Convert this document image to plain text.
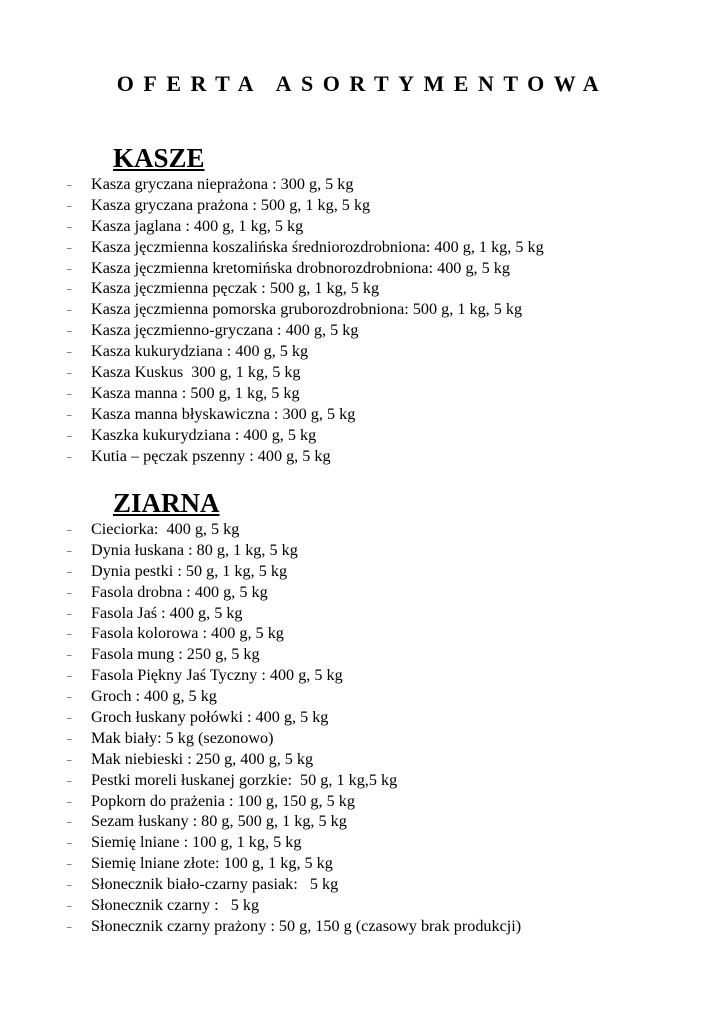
OFERTA ASORTYMENTOWA
KASZE
– Kasza gryczana nieprażona : 300 g, 5 kg
– Kasza gryczana prażona : 500 g, 1 kg, 5 kg
– Kasza jaglana : 400 g, 1 kg, 5 kg
– Kasza jęczmienna koszalińska średniorozdrobniona: 400 g, 1 kg, 5 kg
– Kasza jęczmienna kretomińska drobnorozdrobniona: 400 g, 5 kg
– Kasza jęczmienna pęczak : 500 g, 1 kg, 5 kg
– Kasza jęczmienna pomorska gruborozdrobniona: 500 g, 1 kg, 5 kg
– Kasza jęczmienno-gryczana : 400 g, 5 kg
– Kasza kukurydziana : 400 g, 5 kg
– Kasza Kuskus  300 g, 1 kg, 5 kg
– Kasza manna : 500 g, 1 kg, 5 kg
– Kasza manna błyskawiczna : 300 g, 5 kg
– Kaszka kukurydziana : 400 g, 5 kg
– Kutia – pęczak pszenny : 400 g, 5 kg
ZIARNA
– Cieciorka:  400 g, 5 kg
– Dynia łuskana : 80 g, 1 kg, 5 kg
– Dynia pestki : 50 g, 1 kg, 5 kg
– Fasola drobna : 400 g, 5 kg
– Fasola Jaś : 400 g, 5 kg
– Fasola kolorowa : 400 g, 5 kg
– Fasola mung : 250 g, 5 kg
– Fasola Piękny Jaś Tyczny : 400 g, 5 kg
– Groch : 400 g, 5 kg
– Groch łuskany połówki : 400 g, 5 kg
– Mak biały: 5 kg (sezonowo)
– Mak niebieski : 250 g, 400 g, 5 kg
– Pestki moreli łuskanej gorzkie:  50 g, 1 kg,5 kg
– Popkorn do prażenia : 100 g, 150 g, 5 kg
– Sezam łuskany : 80 g, 500 g, 1 kg, 5 kg
– Siemię lniane : 100 g, 1 kg, 5 kg
– Siemię lniane złote: 100 g, 1 kg, 5 kg
– Słonecznik biało-czarny pasiak:   5 kg
– Słonecznik czarny :   5 kg
– Słonecznik czarny prażony : 50 g, 150 g (czasowy brak produkcji)
